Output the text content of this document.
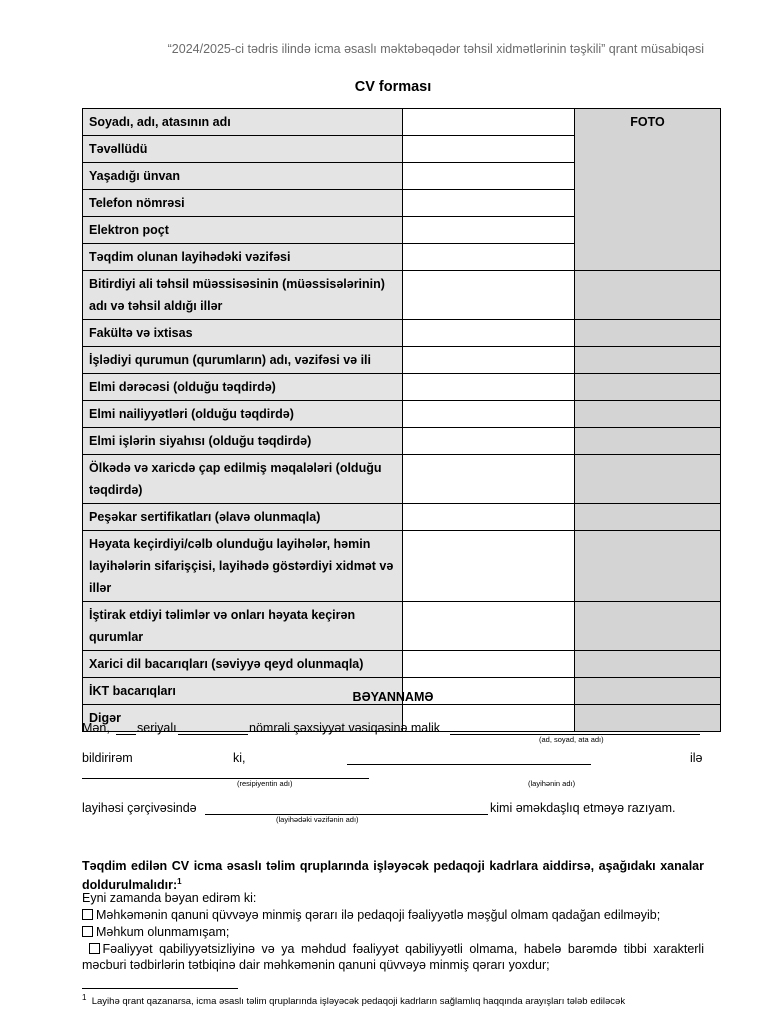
“2024/2025-ci tədris ilində icma əsaslı məktəbəqədər təhsil xidmətlərinin təşkili” qrant müsabiqəsi
CV forması
Soyadı, adı, atasının adı		FOTO
Təvəllüdü		
Yaşadığı ünvan		
Telefon nömrəsi		
Elektron poçt		
Təqdim olunan layihədəki vəzifəsi		
Bitirdiyi ali təhsil müəssisəsinin (müəssisələrinin) adı və təhsil aldığı illər		
Fakültə və ixtisas		
İşlədiyi qurumun (qurumların) adı, vəzifəsi və ili		
Elmi dərəcəsi (olduğu təqdirdə)		
Elmi nailiyyətləri (olduğu təqdirdə)		
Elmi işlərin siyahısı (olduğu təqdirdə)		
Ölkədə və xaricdə çap edilmiş məqalələri (olduğu təqdirdə)		
Peşəkar sertifikatları (əlavə olunmaqla)		
Həyata keçirdiyi/cəlb olunduğu layihələr, həmin layihələrin sifarişçisi, layihədə göstərdiyi xidmət və illər		
İştirak etdiyi təlimlər və onları həyata keçirən qurumlar		
Xarici dil bacarıqları (səviyyə qeyd olunmaqla)		
İKT bacarıqları		
Digər		
BƏYANNAMƏ
Mən, seriyalı	nömrəli şəxsiyyət vəsiqəsinə malik
(ad, soyad, ata adı)
bildirirəm	ki,	ilə
(resipiyentin adı)	(layihənin adı)
layihəsi çərçivəsində	kimi əməkdaşlıq etməyə razıyam.
(layihədəki vəzifənin adı)
Təqdim edilən CV icma əsaslı təlim qruplarında işləyəcək pedaqoji kadrlara aiddirsə, aşağıdakı xanalar doldurulmalıdır:$^1$
Eyni zamanda bəyan edirəm ki:
Məhkəmənin qanuni qüvvəyə minmiş qərarı ilə pedaqoji fəaliyyətlə məşğul olmam qadağan edilməyib;
Məhkum olunmamışam;
Fəaliyyət qabiliyyətsizliyinə və ya məhdud fəaliyyət qabiliyyətli olmama, habelə barəmdə tibbi xarakterli məcburi tədbirlərin tətbiqinə dair məhkəmənin qanuni qüvvəyə minmiş qərarı yoxdur;
$^1$ Layihə qrant qazanarsa, icma əsaslı təlim qruplarında işləyəcək pedaqoji kadrların sağlamlıq haqqında arayışları tələb ediləcək
